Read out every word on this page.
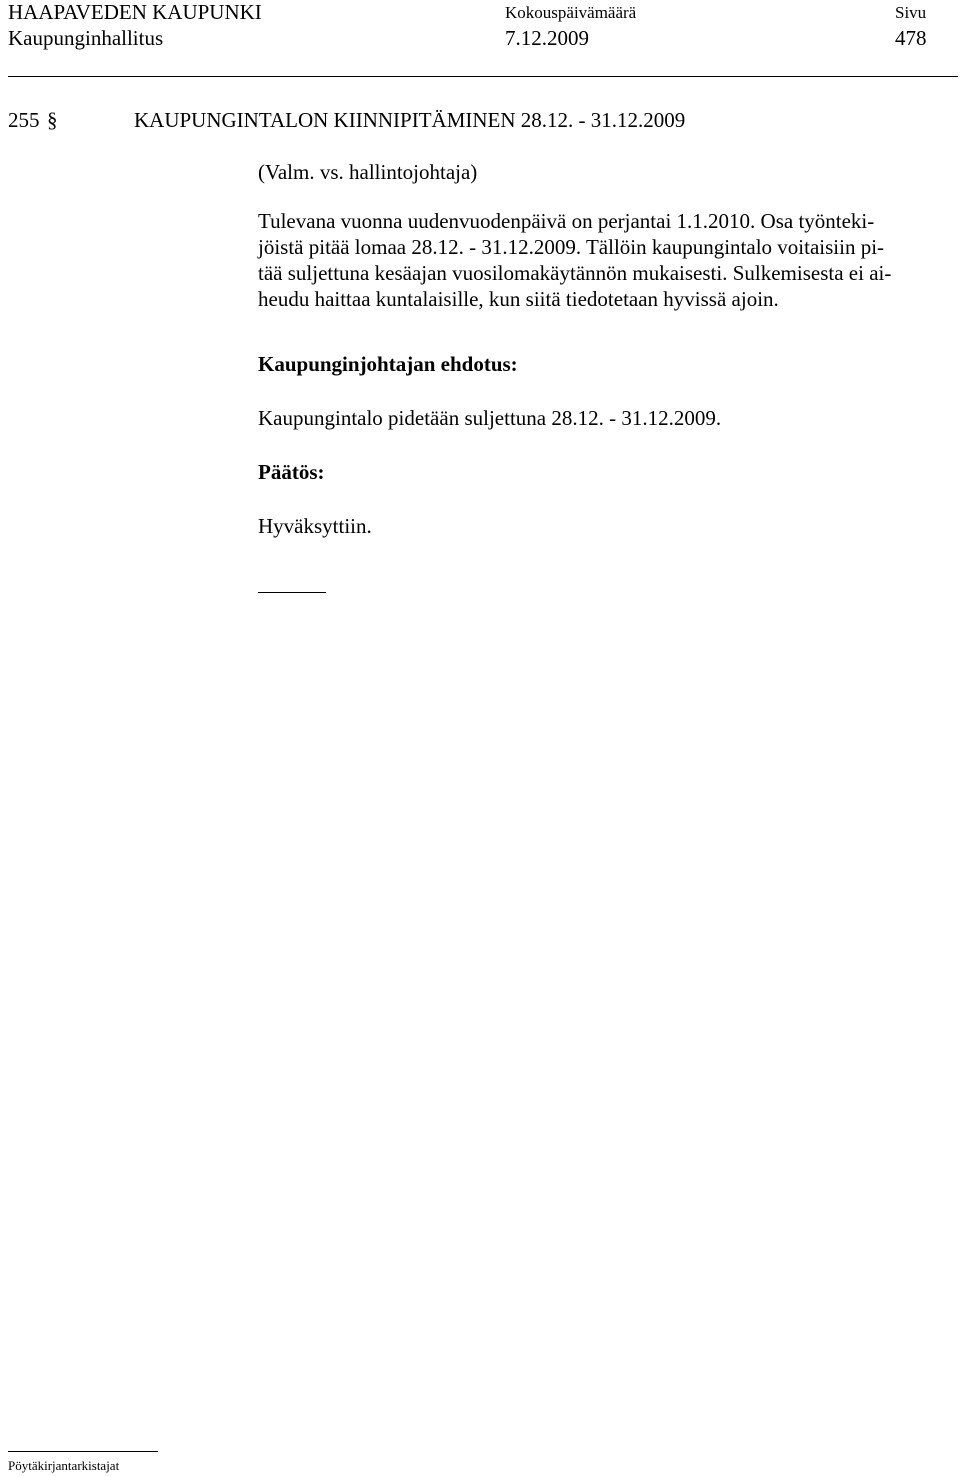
HAAPAVEDEN KAUPUNKI
Kaupunginhallitus
Kokouspäivämäärä
7.12.2009
Sivu
478
255 §	KAUPUNGINTALON KIINNIPITÄMINEN 28.12. - 31.12.2009
(Valm. vs. hallintojohtaja)
Tulevana vuonna uudenvuodenpäivä on perjantai 1.1.2010. Osa työnteki-
jöistä pitää lomaa 28.12. - 31.12.2009. Tällöin kaupungintalo voitaisiin pi-
tää suljettuna kesäajan vuosilomakäytännön mukaisesti. Sulkemisesta ei ai-
heudu haittaa kuntalaisille, kun siitä tiedotetaan hyvissä ajoin.
Kaupunginjohtajan ehdotus:
Kaupungintalo pidetään suljettuna 28.12. - 31.12.2009.
Päätös:
Hyväksyttiin.
Pöytäkirjantarkistajat
